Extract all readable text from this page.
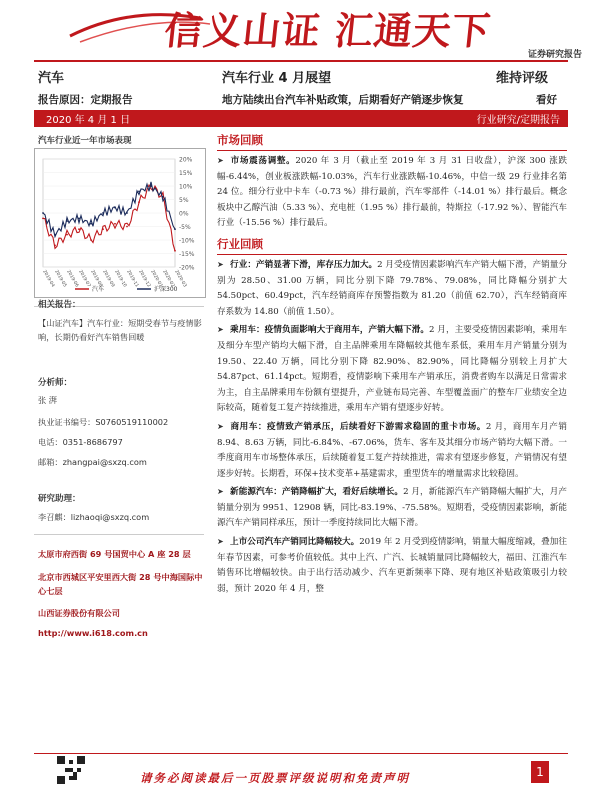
信义山证 汇通天下
证券研究报告
汽车	汽车行业 4 月展望	维持评级
报告原因：定期报告	地方陆续出台汽车补贴政策，后期看好产销逐步恢复	看好
2020 年 4 月 1 日	行业研究/定期报告
汽车行业近一年市场表现
20%
15%
10%
5%
0%
-5%
-10%
-15%
-20%
2019-04
2019-05
2019-06
2019-07
2019-08
2019-09
2019-10
2019-11
2019-12
2020-01
2020-02
2020-03
汽车	沪深300
相关报告：
【山证汽车】汽车行业：短期受春节与疫情影响，长期仍看好汽车销售回暖
分析师：
张 湃
执业证书编号：S0760519110002
电话：0351-8686797
邮箱：zhangpai@sxzq.com
研究助理：
李召麒：lizhaoqi@sxzq.com
太原市府西街 69 号国贸中心 A 座 28 层
北京市西城区平安里西大街 28 号中海国际中心七层
山西证券股份有限公司
http://www.i618.com.cn
市场回顾

➤ 市场震荡调整。2020 年 3 月（截止至 2019 年 3 月 31 日收盘），沪深 300 涨跌幅-6.44%，创业板涨跌幅-10.03%，汽车行业涨跌幅-10.46%，中信一级 29 行业排名第 24 位。细分行业中卡车（-0.73 %）排行最前，汽车零部件（-14.01 %）排行最后。概念板块中乙醇汽油（5.33 %）、充电桩（1.95 %）排行最前，特斯拉（-17.92 %）、智能汽车行业（-15.56 %）排行最后。

行业回顾

➤ 行业：产销显著下滑，库存压力加大。2 月受疫情因素影响汽车产销大幅下滑，产销量分别为 28.50、31.00 万辆，同比分别下降 79.78%、79.08%，同比降幅分别扩大 54.50pct、60.49pct，汽车经销商库存预警指数为 81.20（前值 62.70），汽车经销商库存系数为 14.80（前值 1.50）。

➤ 乘用车：疫情负面影响大于商用车，产销大幅下滑。2 月，主要受疫情因素影响，乘用车及细分车型产销均大幅下滑，自主品牌乘用车降幅较其他车系低，乘用车月产销量分别为 19.50、22.40 万辆，同比分别下降 82.90%、82.90%，同比降幅分别较上月扩大 54.87pct、61.14pct。短期看，疫情影响下乘用车产销承压，消费者购车以满足日常需求为主，自主品牌乘用车份额有望提升，产业链布局完善、车型覆盖面广的整车厂业绩安全边际较高，随着复工复产持续推进，乘用车产销有望逐步好转。

➤ 商用车：疫情致产销承压，后续看好下游需求稳固的重卡市场。2 月，商用车月产销 8.94、8.63 万辆，同比-6.84%、-67.06%，货车、客车及其细分市场产销均大幅下滑。一季度商用车市场整体承压，后续随着复工复产持续推进，需求有望逐步修复，产销情况有望逐步好转。长期看，环保+技术变革+基建需求，重型货车的增量需求比较稳固。

➤ 新能源汽车：产销降幅扩大，看好后续增长。2 月，新能源汽车产销降幅大幅扩大，月产销量分别为 9951、12908 辆，同比-83.19%、-75.58%。短期看，受疫情因素影响，新能源汽车产销同样承压，预计一季度持续同比大幅下滑。

➤ 上市公司汽车产销同比降幅较大。2019 年 2 月受到疫情影响，销量大幅度缩减，叠加往年春节因素，可参考价值较低。其中上汽、广汽、长城销量同比降幅较大，福田、江淮汽车销售环比增幅较快。由于出行活动减少、汽车更新频率下降、现有地区补贴政策吸引力较弱，预计 2020 年 4 月，整

请务必阅读最后一页股票评级说明和免责声明	1
